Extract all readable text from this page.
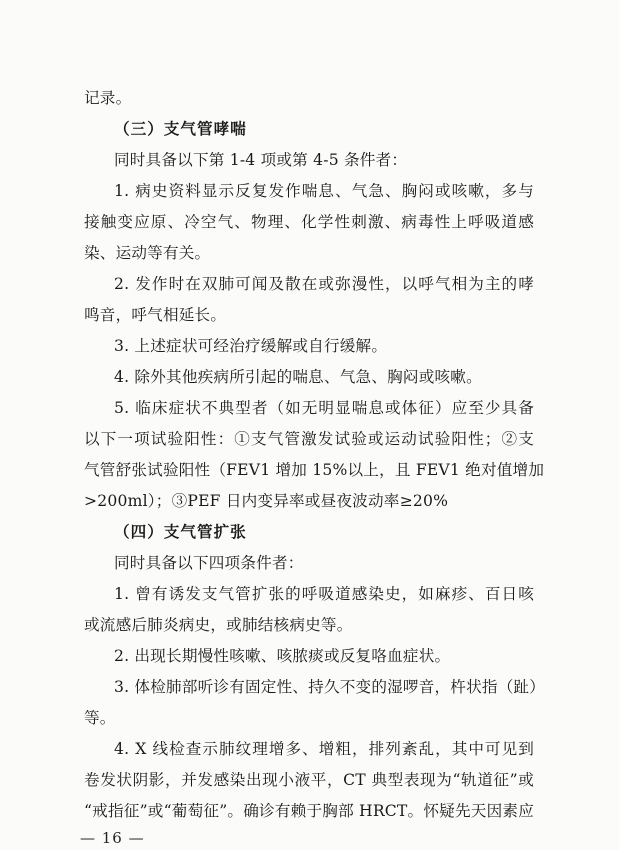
记录。
（三）支气管哮喘
同时具备以下第 1-4 项或第 4-5 条件者：
1. 病史资料显示反复发作喘息、气急、胸闷或咳嗽，多与
接触变应原、冷空气、物理、化学性刺激、病毒性上呼吸道感
染、运动等有关。
2. 发作时在双肺可闻及散在或弥漫性，以呼气相为主的哮
鸣音，呼气相延长。
3. 上述症状可经治疗缓解或自行缓解。
4. 除外其他疾病所引起的喘息、气急、胸闷或咳嗽。
5. 临床症状不典型者（如无明显喘息或体征）应至少具备
以下一项试验阳性：①支气管激发试验或运动试验阳性；②支
气管舒张试验阳性（FEV1 增加 15%以上，且 FEV1 绝对值增加
>200ml）；③PEF 日内变异率或昼夜波动率≥20%
（四）支气管扩张
同时具备以下四项条件者：
1. 曾有诱发支气管扩张的呼吸道感染史，如麻疹、百日咳
或流感后肺炎病史，或肺结核病史等。
2. 出现长期慢性咳嗽、咳脓痰或反复咯血症状。
3. 体检肺部听诊有固定性、持久不变的湿啰音，杵状指（趾）
等。
4. X 线检查示肺纹理增多、增粗，排列紊乱，其中可见到
卷发状阴影，并发感染出现小液平，CT 典型表现为“轨道征”或
“戒指征”或“葡萄征”。确诊有赖于胸部 HRCT。怀疑先天因素应
— 16 —
